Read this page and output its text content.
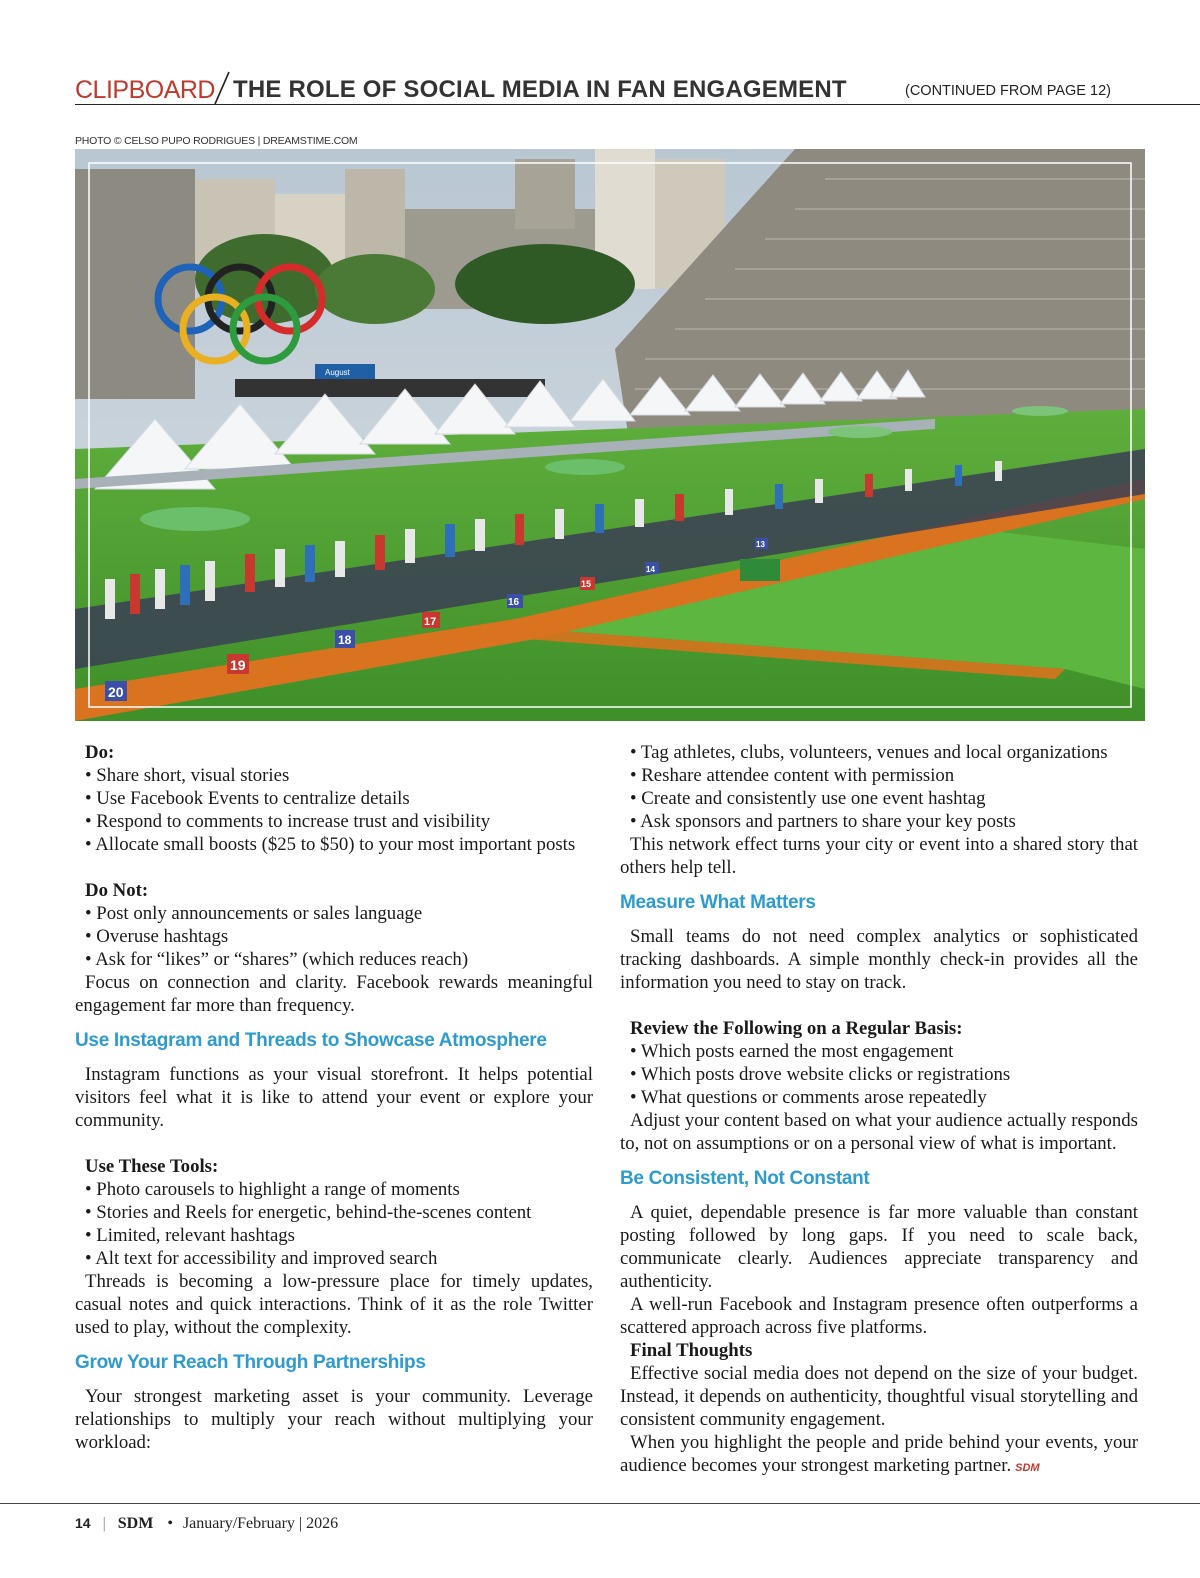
CLIPBOARD THE ROLE OF SOCIAL MEDIA IN FAN ENGAGEMENT	(CONTINUED FROM PAGE 12)
PHOTO © CELSO PUPO RODRIGUES | DREAMSTIME.COM
August
20
19
18
17
16
15
14
13
Do:
• Share short, visual stories
• Use Facebook Events to centralize details
• Respond to comments to increase trust and visibility
• Allocate small boosts ($25 to $50) to your most important posts
Do Not:
• Post only announcements or sales language
• Overuse hashtags
• Ask for “likes” or “shares” (which reduces reach)

Focus on connection and clarity. Facebook rewards meaningful engagement far more than frequency.

Use Instagram and Threads to Showcase Atmosphere

Instagram functions as your visual storefront. It helps potential visitors feel what it is like to attend your event or explore your community.

Use These Tools:
• Photo carousels to highlight a range of moments
• Stories and Reels for energetic, behind-the-scenes content
• Limited, relevant hashtags
• Alt text for accessibility and improved search

Threads is becoming a low-pressure place for timely updates, casual notes and quick interactions. Think of it as the role Twitter used to play, without the complexity.

Grow Your Reach Through Partnerships

Your strongest marketing asset is your community. Leverage relationships to multiply your reach without multiplying your workload:

• Tag athletes, clubs, volunteers, venues and local organizations
• Reshare attendee content with permission
• Create and consistently use one event hashtag
• Ask sponsors and partners to share your key posts

This network effect turns your city or event into a shared story that others help tell.

Measure What Matters

Small teams do not need complex analytics or sophisticated tracking dashboards. A simple monthly check-in provides all the information you need to stay on track.

Review the Following on a Regular Basis:
• Which posts earned the most engagement
• Which posts drove website clicks or registrations
• What questions or comments arose repeatedly

Adjust your content based on what your audience actually responds to, not on assumptions or on a personal view of what is important.

Be Consistent, Not Constant

A quiet, dependable presence is far more valuable than constant posting followed by long gaps. If you need to scale back, communicate clearly. Audiences appreciate transparency and authenticity.

A well-run Facebook and Instagram presence often outperforms a scattered approach across five platforms.

Final Thoughts

Effective social media does not depend on the size of your budget. Instead, it depends on authenticity, thoughtful visual storytelling and consistent community engagement.

When you highlight the people and pride behind your events, your audience becomes your strongest marketing partner. SDM

14 | SDM • January/February | 2026
